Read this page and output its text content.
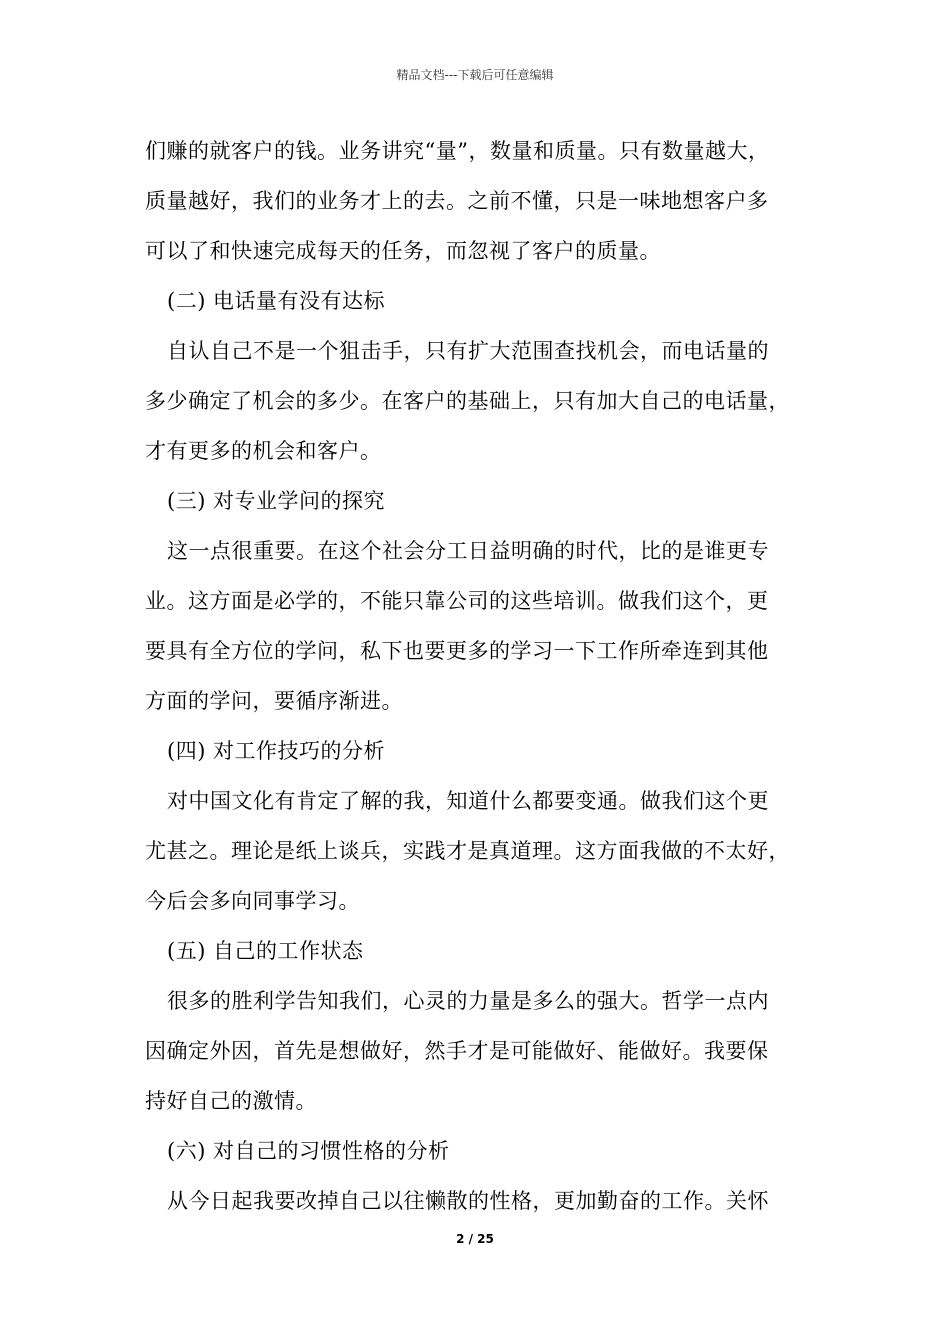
精品文档---下载后可任意编辑
们赚的就客户的钱。业务讲究“量”，数量和质量。只有数量越大，
质量越好，我们的业务才上的去。之前不懂，只是一味地想客户多
可以了和快速完成每天的任务，而忽视了客户的质量。
(二) 电话量有没有达标
自认自己不是一个狙击手，只有扩大范围查找机会，而电话量的
多少确定了机会的多少。在客户的基础上，只有加大自己的电话量，
才有更多的机会和客户。
(三) 对专业学问的探究
这一点很重要。在这个社会分工日益明确的时代，比的是谁更专
业。这方面是必学的，不能只靠公司的这些培训。做我们这个，更
要具有全方位的学问，私下也要更多的学习一下工作所牵连到其他
方面的学问，要循序渐进。
(四) 对工作技巧的分析
对中国文化有肯定了解的我，知道什么都要变通。做我们这个更
尤甚之。理论是纸上谈兵，实践才是真道理。这方面我做的不太好，
今后会多向同事学习。
(五) 自己的工作状态
很多的胜利学告知我们，心灵的力量是多么的强大。哲学一点内
因确定外因，首先是想做好，然手才是可能做好、能做好。我要保
持好自己的激情。
(六) 对自己的习惯性格的分析
从今日起我要改掉自己以往懒散的性格，更加勤奋的工作。关怀
2 / 25
